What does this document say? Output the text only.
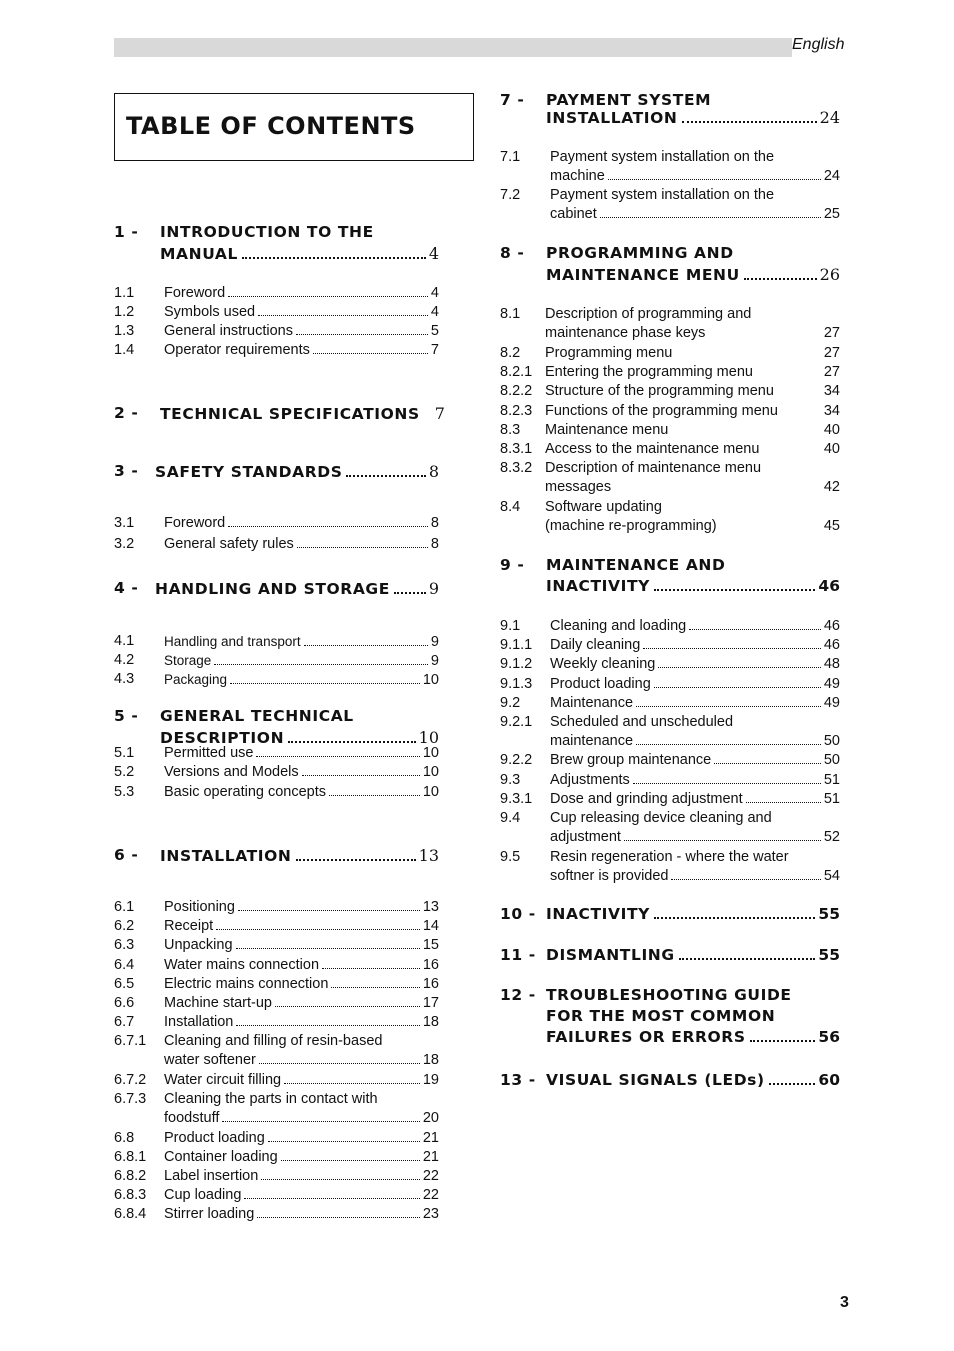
English
TABLE OF CONTENTS
1 - INTRODUCTION TO THE
MANUAL	4
1.1 Foreword	4
1.2 Symbols used	4
1.3 General instructions	5
1.4 Operator requirements	7
2 - TECHNICAL SPECIFICATIONS 7
3 - SAFETY STANDARDS	8
3.1 Foreword	8
3.2 General safety rules	8
4 - HANDLING AND STORAGE 9
4.1 Handling and transport	9
4.2 Storage	9
4.3 Packaging	10
5 - GENERAL TECHNICAL
DESCRIPTION	10
5.1 Permitted use	10
5.2 Versions and Models	10
5.3 Basic operating concepts	10
6 - INSTALLATION	13
6.1 Positioning	13
6.2 Receipt	14
6.3 Unpacking	15
6.4 Water mains connection	16
6.5 Electric mains connection	16
6.6 Machine start-up	17
6.7 Installation	18
6.7.1 Cleaning and filling of resin-based
water softener	18
6.7.2 Water circuit filling	19
6.7.3 Cleaning the parts in contact with
foodstuff	20
6.8 Product loading	21
6.8.1 Container loading	21
6.8.2 Label insertion	22
6.8.3 Cup loading	22
6.8.4 Stirrer loading	23
7 - PAYMENT SYSTEM
INSTALLATION	24
7.1 Payment system installation on the
machine	24
7.2 Payment system installation on the
cabinet	25
8 - PROGRAMMING AND
MAINTENANCE MENU	26
8.1 Description of programming and
maintenance phase keys	27
8.2 Programming menu	27
8.2.1 Entering the programming menu	27
8.2.2 Structure of the programming menu	34
8.2.3 Functions of the programming menu	34
8.3 Maintenance menu	40
8.3.1 Access to the maintenance menu	40
8.3.2 Description of maintenance menu
messages	42
8.4 Software updating
(machine re-programming)	45
9 - MAINTENANCE AND
INACTIVITY	46
9.1 Cleaning and loading	46
9.1.1 Daily cleaning	46
9.1.2 Weekly cleaning	48
9.1.3 Product loading	49
9.2 Maintenance	49
9.2.1 Scheduled and unscheduled
maintenance	50
9.2.2 Brew group maintenance	50
9.3 Adjustments	51
9.3.1 Dose and grinding adjustment	51
9.4 Cup releasing device cleaning and
adjustment	52
9.5 Resin regeneration - where the water
softner is provided	54
10 - INACTIVITY	55
11 - DISMANTLING	55
12 - TROUBLESHOOTING GUIDE
FOR THE MOST COMMON
FAILURES OR ERRORS	56
13 - VISUAL SIGNALS (LEDs)	60
3
